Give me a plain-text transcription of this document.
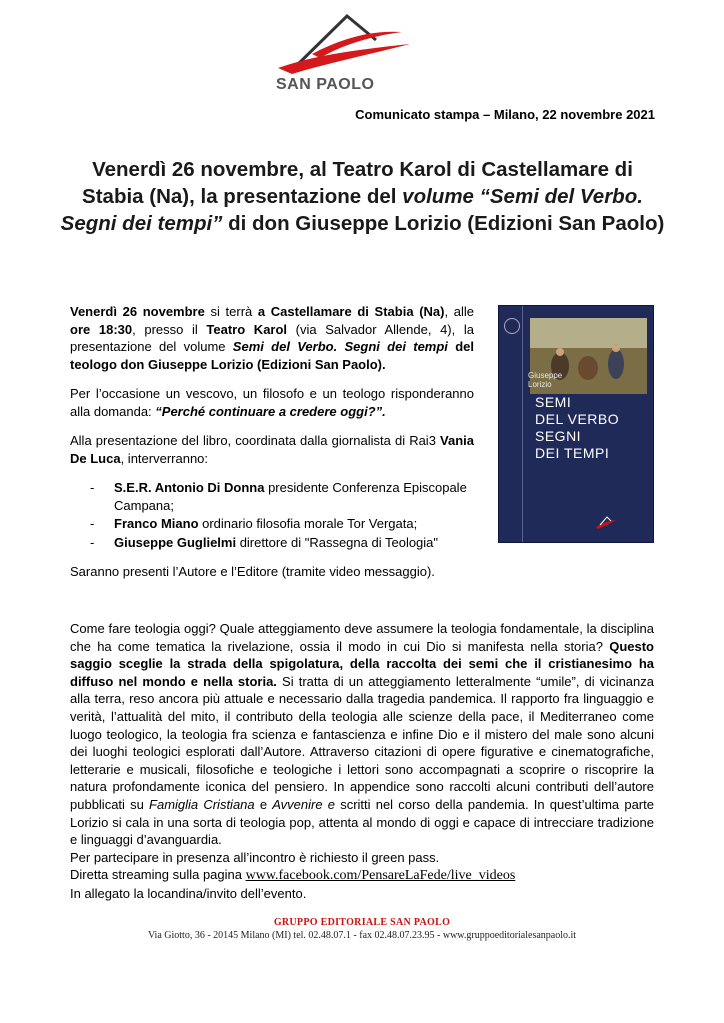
SAN PAOLO
Comunicato stampa – Milano, 22 novembre 2021
Venerdì 26 novembre, al Teatro Karol di Castellamare di Stabia (Na), la presentazione del volume “Semi del Verbo. Segni dei tempi” di don Giuseppe Lorizio (Edizioni San Paolo)

Venerdì 26 novembre si terrà a Castellamare di Stabia (Na), alle ore 18:30, presso il Teatro Karol (via Salvador Allende, 4), la presentazione del volume Semi del Verbo. Segni dei tempi del teologo don Giuseppe Lorizio (Edizioni San Paolo).

Per l’occasione un vescovo, un filosofo e un teologo risponderanno alla domanda: “Perché continuare a credere oggi?”.

Alla presentazione del libro, coordinata dalla giornalista di Rai3 Vania De Luca, interverranno:

- S.E.R. Antonio Di Donna presidente Conferenza Episcopale Campana;
- Franco Miano ordinario filosofia morale Tor Vergata;
- Giuseppe Guglielmi direttore di "Rassegna di Teologia"

Saranno presenti l’Autore e l’Editore (tramite video messaggio).

Giuseppe
Lorizio
SEMI
DEL VERBO
SEGNI
DEI TEMPI

Come fare teologia oggi? Quale atteggiamento deve assumere la teologia fondamentale, la disciplina che ha come tematica la rivelazione, ossia il modo in cui Dio si manifesta nella storia? Questo saggio sceglie la strada della spigolatura, della raccolta dei semi che il cristianesimo ha diffuso nel mondo e nella storia. Si tratta di un atteggiamento letteralmente “umile”, di vicinanza alla terra, reso ancora più attuale e necessario dalla tragedia pandemica. Il rapporto fra linguaggio e verità, l’attualità del mito, il contributo della teologia alle scienze della pace, il Mediterraneo come luogo teologico, la teologia fra scienza e fantascienza e infine Dio e il mistero del male sono alcuni dei luoghi teologici esplorati dall’Autore. Attraverso citazioni di opere figurative e cinematografiche, letterarie e musicali, filosofiche e teologiche i lettori sono accompagnati a scoprire o riscoprire la natura profondamente iconica del pensiero. In appendice sono raccolti alcuni contributi dell’autore pubblicati su Famiglia Cristiana e Avvenire e scritti nel corso della pandemia. In quest’ultima parte Lorizio si cala in una sorta di teologia pop, attenta al mondo di oggi e capace di intrecciare tradizione e linguaggi d’avanguardia.

Per partecipare in presenza all’incontro è richiesto il green pass.
Diretta streaming sulla pagina www.facebook.com/PensareLaFede/live_videos
In allegato la locandina/invito dell’evento.
GRUPPO EDITORIALE SAN PAOLO
Via Giotto, 36 - 20145 Milano (MI) tel. 02.48.07.1 - fax 02.48.07.23.95 - www.gruppoeditorialesanpaolo.it
